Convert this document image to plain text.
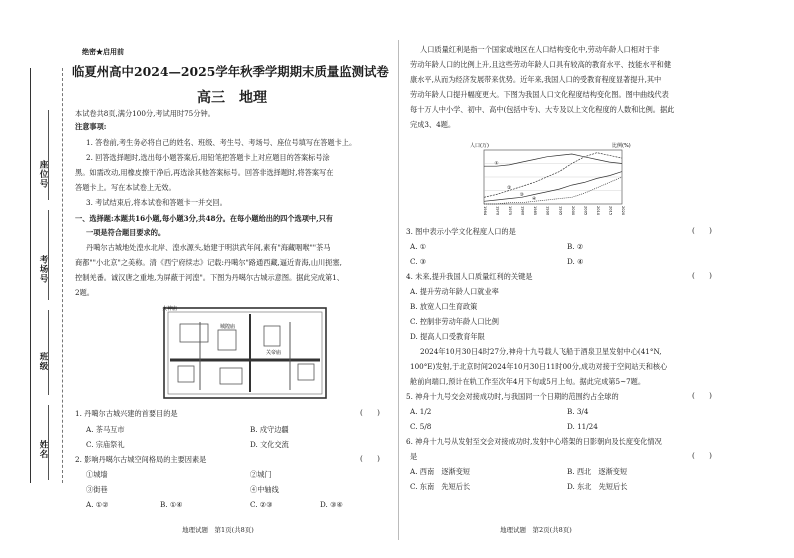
座位号
考场号
班级
姓名
绝密★启用前
临夏州高中2024—2025学年秋季学期期末质量监测试卷
高三　地理
本试卷共8页,满分100分,考试用时75分钟。
注意事项:
1. 答卷前,考生务必将自己的姓名、班级、考生号、考场号、座位号填写在答题卡上。
2. 回答选择题时,选出每小题答案后,用铅笔把答题卡上对应题目的答案标号涂
黑。如需改动,用橡皮擦干净后,再选涂其他答案标号。回答非选择题时,将答案写在
答题卡上。写在本试卷上无效。
3. 考试结束后,将本试卷和答题卡一并交回。
一、选择题:本题共16小题,每小题3分,共48分。在每小题给出的四个选项中,只有
一项是符合题目要求的。
丹噶尔古城地处湟水北岸、湟水源头,始建于明洪武年间,素有"海藏咽喉""茶马
商都""小北京"之美称。清《西宁府续志》记载:丹噶尔"路通西藏,逼近青海,山川扼塞,
控制羌番。诚汉唐之重地,为屏蔽于河湟"。下图为丹噶尔古城示意图。据此完成第1、
2题。
火神庙
城隍庙
关帝庙
1. 丹噶尔古城兴建的首要目的是	(　　)
A. 茶马互市	B. 戍守边疆
C. 宗庙祭礼	D. 文化交流
2. 影响丹噶尔古城空间格局的主要因素是	(　　)
①城墙	②城门
③街巷	④中轴线
A. ①②	B. ①④	C. ②③	D. ③④
地理试题　第1页(共8页)
人口质量红利是指一个国家或地区在人口结构变化中,劳动年龄人口相对于非
劳动年龄人口的比例上升,且这些劳动年龄人口具有较高的教育水平、技能水平和健
康水平,从而为经济发展带来优势。近年来,我国人口的受教育程度显著提升,其中
劳动年龄人口提升幅度更大。下图为我国人口文化程度结构变化图。图中曲线代表
每十万人中小学、初中、高中(包括中专)、大专及以上文化程度的人数和比例。据此
完成3、4题。
①
②
③
④
1964 1970 1975 1980 1985 1990 1995 2000 2005 2010 2015 2020
人口(万)	比例(%)
3. 图中表示小学文化程度人口的是	(　　)
A. ①	B. ②
C. ③	D. ④
4. 未来,提升我国人口质量红利的关键是	(　　)
A. 提升劳动年龄人口就业率
B. 放宽人口生育政策
C. 控制非劳动年龄人口比例
D. 提高人口受教育年限
2024年10月30日4时27分,神舟十九号载人飞船于酒泉卫星发射中心(41°N,
100°E)发射,于北京时间2024年10月30日11时00分,成功对接于空间站天和核心
舱前向端口,预计在轨工作至次年4月下旬或5月上旬。据此完成第5~7题。
5. 神舟十九号交会对接成功时,与我国同一个日期的范围约占全球的	(　　)
A. 1/2	B. 3/4
C. 5/8	D. 11/24
6. 神舟十九号从发射至交会对接成功时,发射中心塔架的日影朝向及长度变化情况
是	(　　)
A. 西南　逐渐变短	B. 西北　逐渐变短
C. 东南　先短后长	D. 东北　先短后长
地理试题　第2页(共8页)
